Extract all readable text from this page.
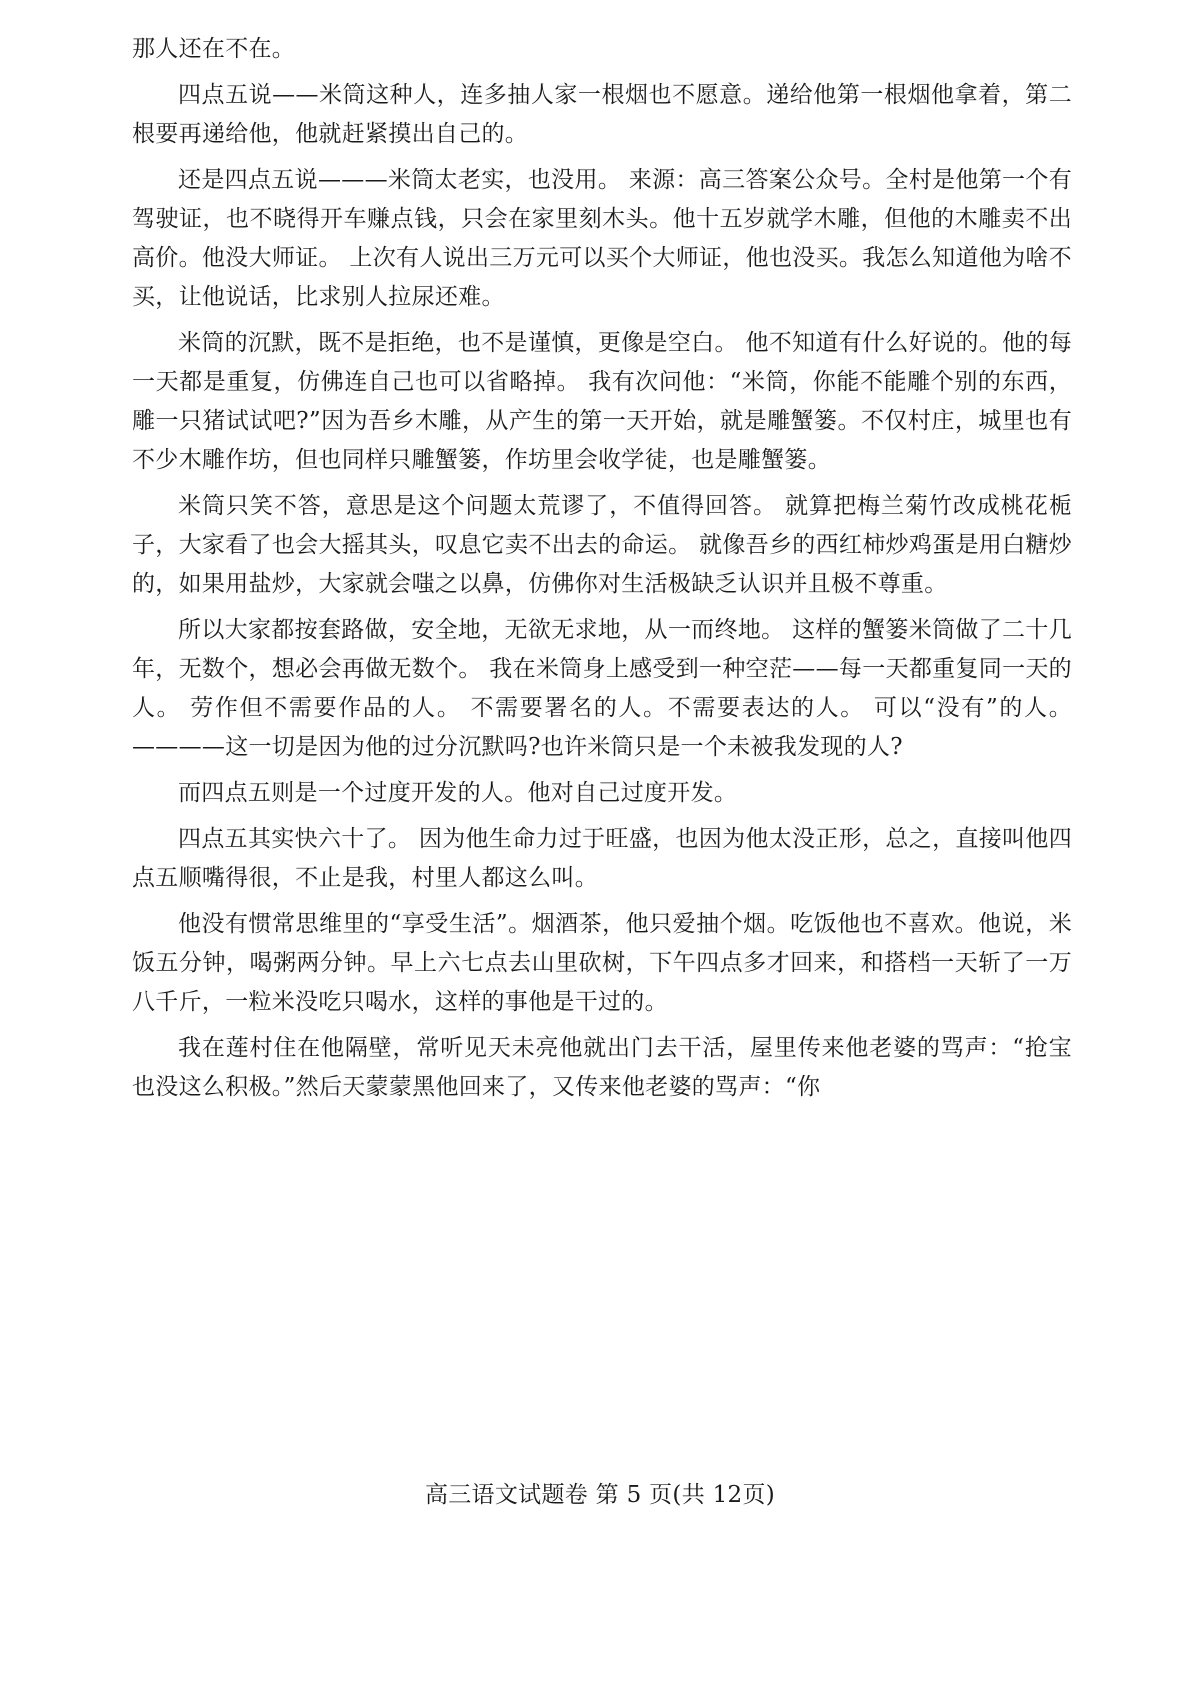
那人还在不在。

四点五说——米筒这种人，连多抽人家一根烟也不愿意。递给他第一根烟他拿着，第二根要再递给他，他就赶紧摸出自己的。

还是四点五说———米筒太老实，也没用。 来源：高三答案公众号。全村是他第一个有驾驶证，也不晓得开车赚点钱，只会在家里刻木头。他十五岁就学木雕，但他的木雕卖不出高价。他没大师证。 上次有人说出三万元可以买个大师证，他也没买。我怎么知道他为啥不买，让他说话，比求别人拉尿还难。

米筒的沉默，既不是拒绝，也不是谨慎，更像是空白。 他不知道有什么好说的。他的每一天都是重复，仿佛连自己也可以省略掉。 我有次问他：“米筒，你能不能雕个别的东西，雕一只猪试试吧?”因为吾乡木雕，从产生的第一天开始，就是雕蟹篓。不仅村庄，城里也有不少木雕作坊，但也同样只雕蟹篓，作坊里会收学徒，也是雕蟹篓。

米筒只笑不答，意思是这个问题太荒谬了，不值得回答。 就算把梅兰菊竹改成桃花栀子，大家看了也会大摇其头，叹息它卖不出去的命运。 就像吾乡的西红柿炒鸡蛋是用白糖炒的，如果用盐炒，大家就会嗤之以鼻，仿佛你对生活极缺乏认识并且极不尊重。

所以大家都按套路做，安全地，无欲无求地，从一而终地。 这样的蟹篓米筒做了二十几年，无数个，想必会再做无数个。 我在米筒身上感受到一种空茫——每一天都重复同一天的人。 劳作但不需要作品的人。 不需要署名的人。不需要表达的人。 可以“没有”的人。————这一切是因为他的过分沉默吗?也许米筒只是一个未被我发现的人?

而四点五则是一个过度开发的人。他对自己过度开发。

四点五其实快六十了。 因为他生命力过于旺盛，也因为他太没正形，总之，直接叫他四点五顺嘴得很，不止是我，村里人都这么叫。

他没有惯常思维里的“享受生活”。烟酒茶，他只爱抽个烟。吃饭他也不喜欢。他说，米饭五分钟，喝粥两分钟。早上六七点去山里砍树，下午四点多才回来，和搭档一天斩了一万八千斤，一粒米没吃只喝水，这样的事他是干过的。

我在莲村住在他隔壁，常听见天未亮他就出门去干活，屋里传来他老婆的骂声：“抢宝也没这么积极。”然后天蒙蒙黑他回来了，又传来他老婆的骂声：“你

高三语文试题卷 第 5 页(共 12页)
